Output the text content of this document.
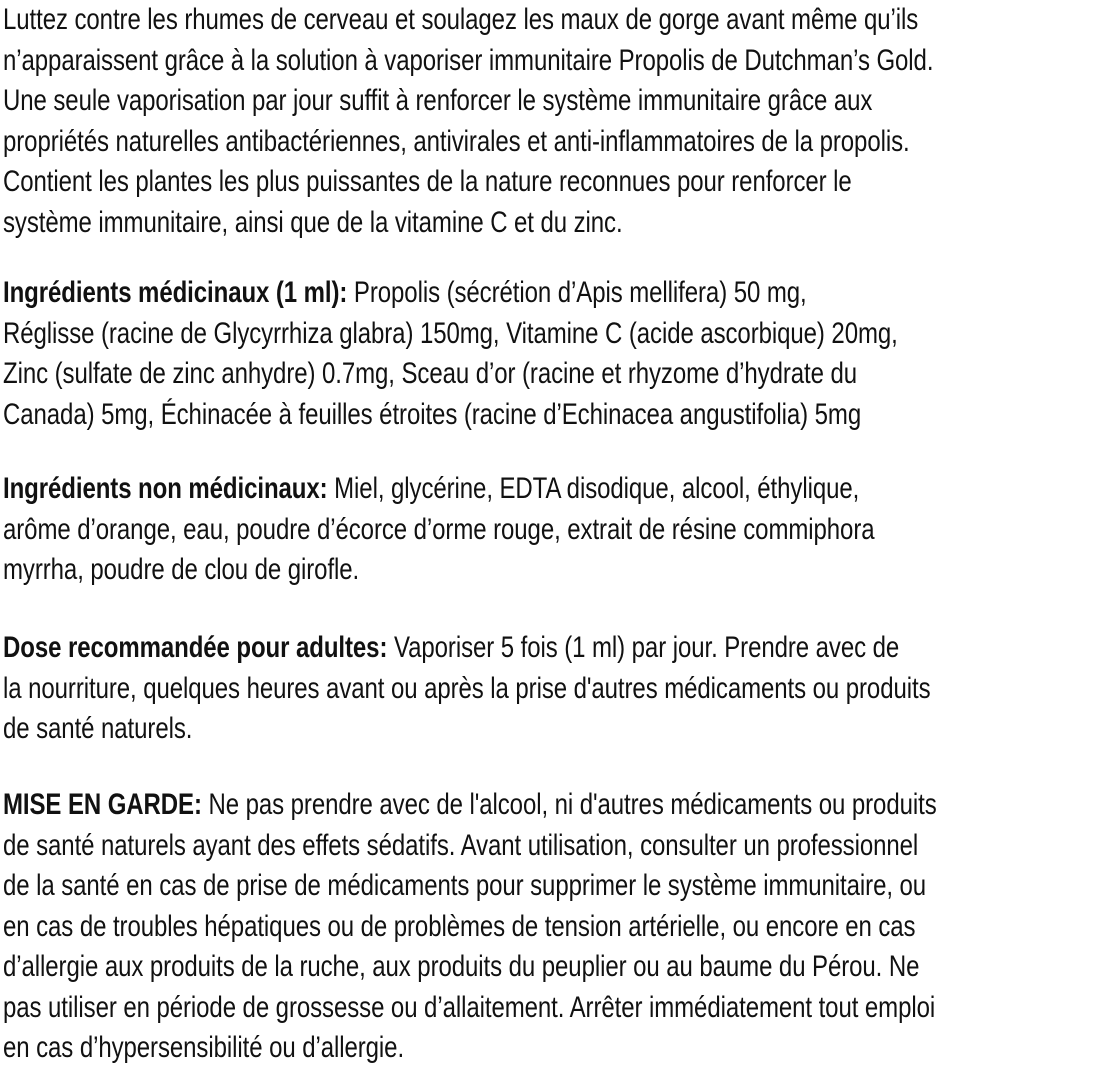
Luttez contre les rhumes de cerveau et soulagez les maux de gorge avant même qu’ils
n’apparaissent grâce à la solution à vaporiser immunitaire Propolis de Dutchman’s Gold.
Une seule vaporisation par jour suffit à renforcer le système immunitaire grâce aux
propriétés naturelles antibactériennes, antivirales et anti-inflammatoires de la propolis.
Contient les plantes les plus puissantes de la nature reconnues pour renforcer le
système immunitaire, ainsi que de la vitamine C et du zinc.
Ingrédients médicinaux (1 ml): Propolis (sécrétion d’Apis mellifera) 50 mg,
Réglisse (racine de Glycyrrhiza glabra) 150mg, Vitamine C (acide ascorbique) 20mg,
Zinc (sulfate de zinc anhydre) 0.7mg, Sceau d’or (racine et rhyzome d’hydrate du
Canada) 5mg, Échinacée à feuilles étroites (racine d’Echinacea angustifolia) 5mg
Ingrédients non médicinaux: Miel, glycérine, EDTA disodique, alcool, éthylique,
arôme d’orange, eau, poudre d’écorce d’orme rouge, extrait de résine commiphora
myrrha, poudre de clou de girofle.
Dose recommandée pour adultes: Vaporiser 5 fois (1 ml) par jour. Prendre avec de
la nourriture, quelques heures avant ou après la prise d'autres médicaments ou produits
de santé naturels.
MISE EN GARDE: Ne pas prendre avec de l'alcool, ni d'autres médicaments ou produits
de santé naturels ayant des effets sédatifs. Avant utilisation, consulter un professionnel
de la santé en cas de prise de médicaments pour supprimer le système immunitaire, ou
en cas de troubles hépatiques ou de problèmes de tension artérielle, ou encore en cas
d’allergie aux produits de la ruche, aux produits du peuplier ou au baume du Pérou. Ne
pas utiliser en période de grossesse ou d’allaitement. Arrêter immédiatement tout emploi
en cas d’hypersensibilité ou d’allergie.
